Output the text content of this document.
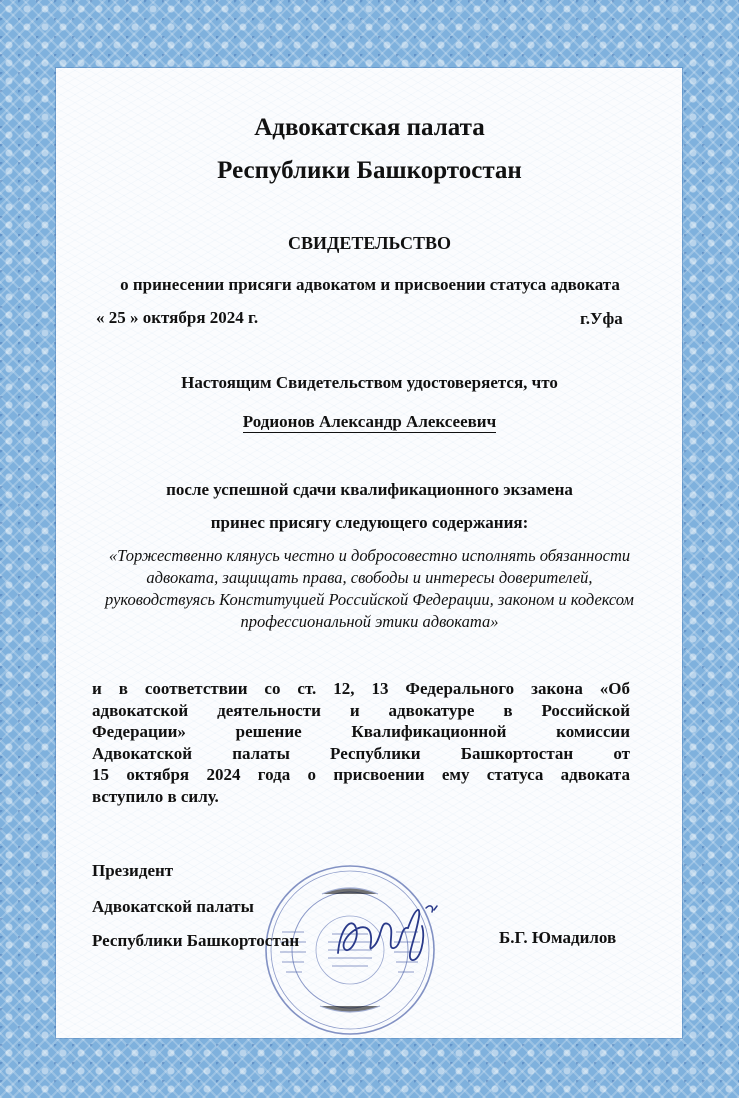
Адвокатская палата
Республики Башкортостан
СВИДЕТЕЛЬСТВО
о принесении присяги адвокатом и присвоении статуса адвоката
« 25 » октября 2024 г.	г.Уфа
Настоящим Свидетельством удостоверяется, что
Родионов Александр Алексеевич
после успешной сдачи квалификационного экзамена
принес присягу следующего содержания:
«Торжественно клянусь честно и добросовестно исполнять обязанности
адвоката, защищать права, свободы и интересы доверителей,
руководствуясь Конституцией Российской Федерации, законом и кодексом
профессиональной этики адвоката»
и в соответствии со ст. 12, 13 Федерального закона «Об
адвокатской деятельности и адвокатуре в Российской
Федерации» решение Квалификационной комиссии
Адвокатской палаты Республики Башкортостан от
15 октября 2024 года о присвоении ему статуса адвоката
вступило в силу.
Президент
Адвокатской палаты
Республики Башкортостан	Б.Г. Юмадилов
